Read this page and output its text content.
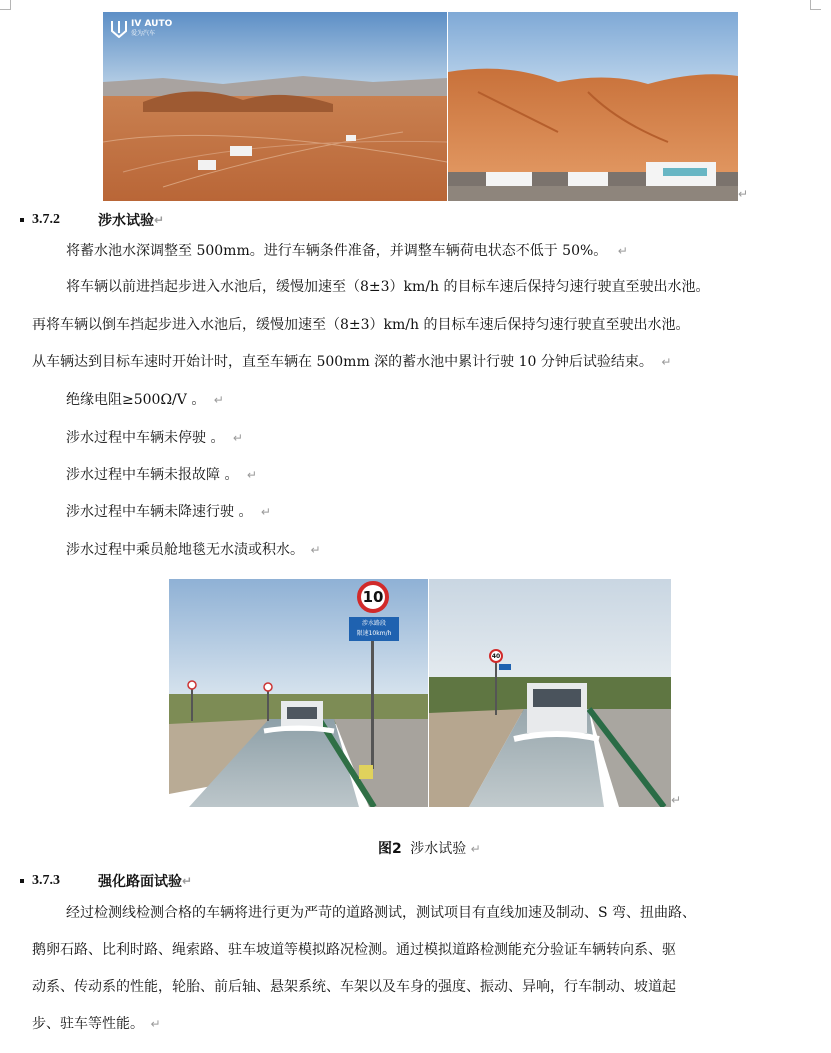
IV AUTO
爱为汽车
↵
3.7.2	涉水试验 ↵
将蓄水池水深调整至 500mm。进行车辆条件准备，并调整车辆荷电状态不低于 50%。 ↵
将车辆以前进挡起步进入水池后，缓慢加速至（8±3）km/h 的目标车速后保持匀速行驶直至驶出水池。
再将车辆以倒车挡起步进入水池后，缓慢加速至（8±3）km/h 的目标车速后保持匀速行驶直至驶出水池。
从车辆达到目标车速时开始计时，直至车辆在 500mm 深的蓄水池中累计行驶 10 分钟后试验结束。 ↵
绝缘电阻≥500Ω/V 。 ↵
涉水过程中车辆未停驶 。 ↵
涉水过程中车辆未报故障 。 ↵
涉水过程中车辆未降速行驶 。 ↵
涉水过程中乘员舱地毯无水渍或积水。 ↵
10
涉水路段
限速10km/h
40
↵
图2 涉水试验 ↵
3.7.3	强化路面试验 ↵
经过检测线检测合格的车辆将进行更为严苛的道路测试，测试项目有直线加速及制动、S 弯、扭曲路、
鹅卵石路、比利时路、绳索路、驻车坡道等模拟路况检测。通过模拟道路检测能充分验证车辆转向系、驱
动系、传动系的性能，轮胎、前后轴、悬架系统、车架以及车身的强度、振动、异响，行车制动、坡道起
步、驻车等性能。 ↵
